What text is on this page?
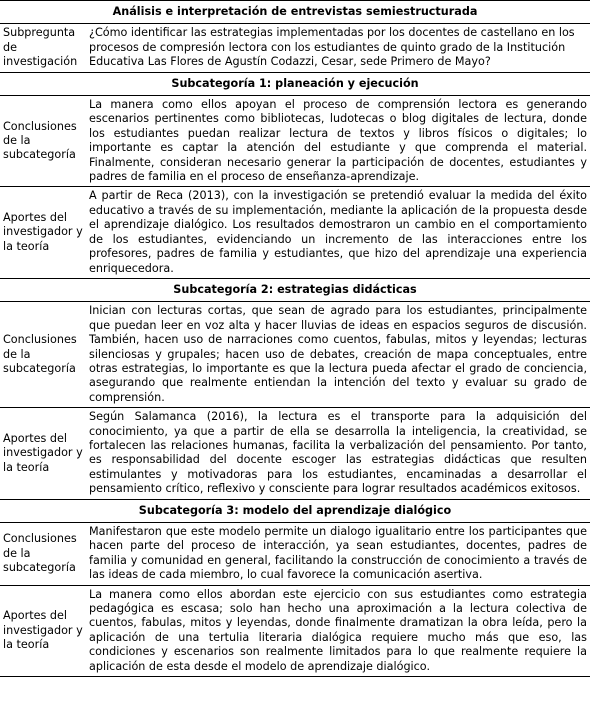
Análisis e interpretación de entrevistas semiestructurada	
Subpregunta de investigación	¿Cómo identificar las estrategias implementadas por los docentes de castellano en los procesos de compresión lectora con los estudiantes de quinto grado de la Institución Educativa Las Flores de Agustín Codazzi, Cesar, sede Primero de Mayo?
Subcategoría 1: planeación y ejecución	
Conclusiones de la subcategoría	La manera como ellos apoyan el proceso de comprensión lectora es generando escenarios pertinentes como bibliotecas, ludotecas o blog digitales de lectura, donde los estudiantes puedan realizar lectura de textos y libros físicos o digitales; lo importante es captar la atención del estudiante y que comprenda el material. Finalmente, consideran necesario generar la participación de docentes, estudiantes y padres de familia en el proceso de enseñanza-aprendizaje.
Aportes del investigador y la teoría	A partir de Reca (2013), con la investigación se pretendió evaluar la medida del éxito educativo a través de su implementación, mediante la aplicación de la propuesta desde el aprendizaje dialógico. Los resultados demostraron un cambio en el comportamiento de los estudiantes, evidenciando un incremento de las interacciones entre los profesores, padres de familia y estudiantes, que hizo del aprendizaje una experiencia enriquecedora.
Subcategoría 2: estrategias didácticas	
Conclusiones de la subcategoría	Inician con lecturas cortas, que sean de agrado para los estudiantes, principalmente que puedan leer en voz alta y hacer lluvias de ideas en espacios seguros de discusión. También, hacen uso de narraciones como cuentos, fabulas, mitos y leyendas; lecturas silenciosas y grupales; hacen uso de debates, creación de mapa conceptuales, entre otras estrategias, lo importante es que la lectura pueda afectar el grado de conciencia, asegurando que realmente entiendan la intención del texto y evaluar su grado de comprensión.
Aportes del investigador y la teoría	Según Salamanca (2016), la lectura es el transporte para la adquisición del conocimiento, ya que a partir de ella se desarrolla la inteligencia, la creatividad, se fortalecen las relaciones humanas, facilita la verbalización del pensamiento. Por tanto, es responsabilidad del docente escoger las estrategias didácticas que resulten estimulantes y motivadoras para los estudiantes, encaminadas a desarrollar el pensamiento crítico, reflexivo y consciente para lograr resultados académicos exitosos.
Subcategoría 3: modelo del aprendizaje dialógico	
Conclusiones de la subcategoría	Manifestaron que este modelo permite un dialogo igualitario entre los participantes que hacen parte del proceso de interacción, ya sean estudiantes, docentes, padres de familia y comunidad en general, facilitando la construcción de conocimiento a través de las ideas de cada miembro, lo cual favorece la comunicación asertiva.
Aportes del investigador y la teoría	La manera como ellos abordan este ejercicio con sus estudiantes como estrategia pedagógica es escasa; solo han hecho una aproximación a la lectura colectiva de cuentos, fabulas, mitos y leyendas, donde finalmente dramatizan la obra leída, pero la aplicación de una tertulia literaria dialógica requiere mucho más que eso, las condiciones y escenarios son realmente limitados para lo que realmente requiere la aplicación de esta desde el modelo de aprendizaje dialógico.
